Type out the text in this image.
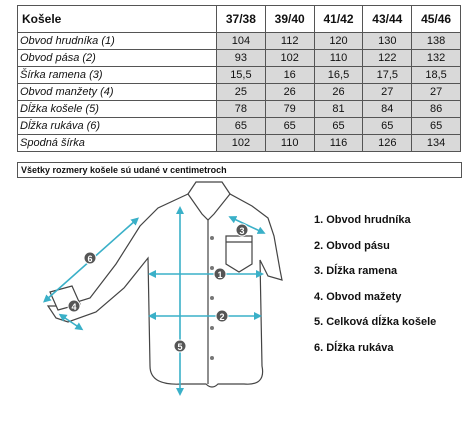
Košele	37/38	39/40	41/42	43/44	45/46
Obvod hrudníka (1)	104	112	120	130	138
Obvod pása (2)	93	102	110	122	132
Šírka ramena (3)	15,5	16	16,5	17,5	18,5
Obvod manžety (4)	25	26	26	27	27
Dĺžka košele (5)	78	79	81	84	86
Dĺžka rukáva (6)	65	65	65	65	65
Spodná šírka	102	110	116	126	134
Všetky rozmery košele sú udané v centimetroch
1
2
3
4
5
6
1. Obvod hrudníka
2. Obvod pásu
3. Dĺžka ramena
4. Obvod mažety
5. Celková dĺžka košele
6. Dĺžka rukáva
